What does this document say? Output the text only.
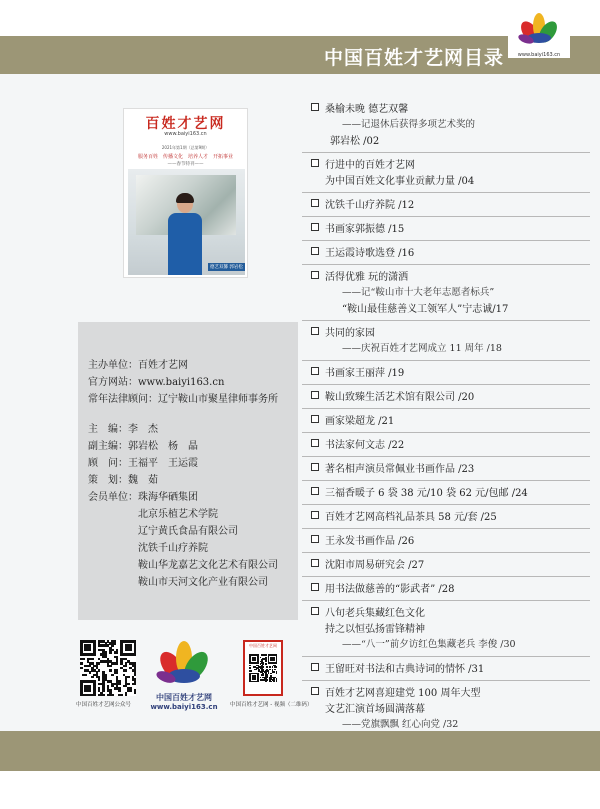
中国百姓才艺网目录	www.baiyi163.cn
百姓才艺网
www.baiyi163.cn
2021年第1期（总第9期）
服务百姓　传播文化　培养人才　开拓事业
——春节特刊——
德艺双馨 郭岩松
主办单位：百姓才艺网
官方网站：www.baiyi163.cn
常年法律顾问：辽宁鞍山市聚星律师事务所
主　编：李　杰
副主编：郭岩松　杨　晶
顾　问：王福平　王运霞
策　划：魏　茹
会员单位：珠海华硒集团
北京乐植艺术学院
辽宁黄氏食品有限公司
沈铁千山疗养院
鞍山华龙嘉艺文化艺术有限公司
鞍山市天河文化产业有限公司
中国百姓才艺网公众号
中国百姓才艺网
www.baiyi163.cn
中国百姓才艺网
中国百姓才艺网 - 视频（二维码）
桑榆未晚 德艺双馨
——记退休后获得多项艺术奖的
郭岩松 /02
行进中的百姓才艺网
为中国百姓文化事业贡献力量 /04
沈铁千山疗养院 /12
书画家郭振德 /15
王运霞诗歌选登 /16
活得优雅 玩的潇洒
——记“鞍山市十大老年志愿者标兵”
“鞍山最佳慈善义工领军人”宁志诚/17
共同的家园
——庆祝百姓才艺网成立 11 周年 /18
书画家王丽萍 /19
鞍山致臻生活艺术馆有限公司 /20
画家梁超龙 /21
书法家何文志 /22
著名相声演员常佩业书画作品 /23
三福香暖子 6 袋 38 元/10 袋 62 元/包邮 /24
百姓才艺网高档礼品茶具 58 元/套 /25
王永发书画作品 /26
沈阳市周易研究会 /27
用书法做慈善的“影武者” /28
八旬老兵集藏红色文化
持之以恒弘扬雷锋精神
——“八一”前夕访红色集藏老兵 李俊 /30
王留旺对书法和古典诗词的情怀 /31
百姓才艺网喜迎建党 100 周年大型
文艺汇演首场圆满落幕
——党旗飘飘 红心向党 /32
